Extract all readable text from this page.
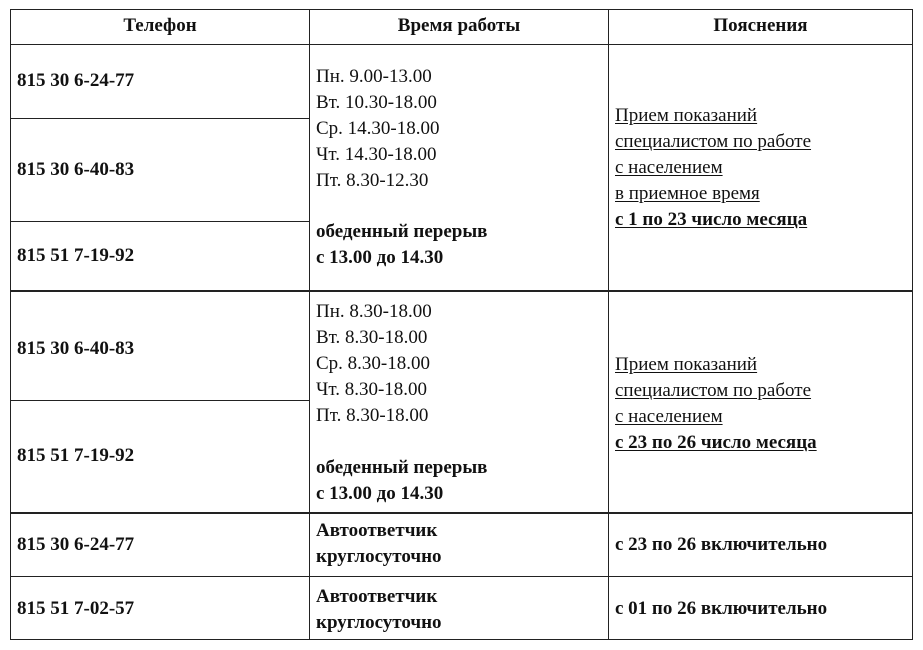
Телефон	Время работы	Пояснения
815 30 6-24-77
815 30 6-40-83
815 51 7-19-92
Пн. 9.00-13.00
Вт. 10.30-18.00
Ср. 14.30-18.00
Чт. 14.30-18.00
Пт. 8.30-12.30
обеденный перерыв
с 13.00 до 14.30
Прием показаний
специалистом по работе
с населением
в приемное время
с 1 по 23 число месяца
815 30 6-40-83
815 51 7-19-92
Пн. 8.30-18.00
Вт. 8.30-18.00
Ср. 8.30-18.00
Чт. 8.30-18.00
Пт. 8.30-18.00
обеденный перерыв
с 13.00 до 14.30
Прием показаний
специалистом по работе
с населением
с 23 по 26 число месяца
815 30 6-24-77
Автоответчик
круглосуточно
с 23 по 26 включительно
815 51 7-02-57
Автоответчик
круглосуточно
с 01 по 26 включительно
